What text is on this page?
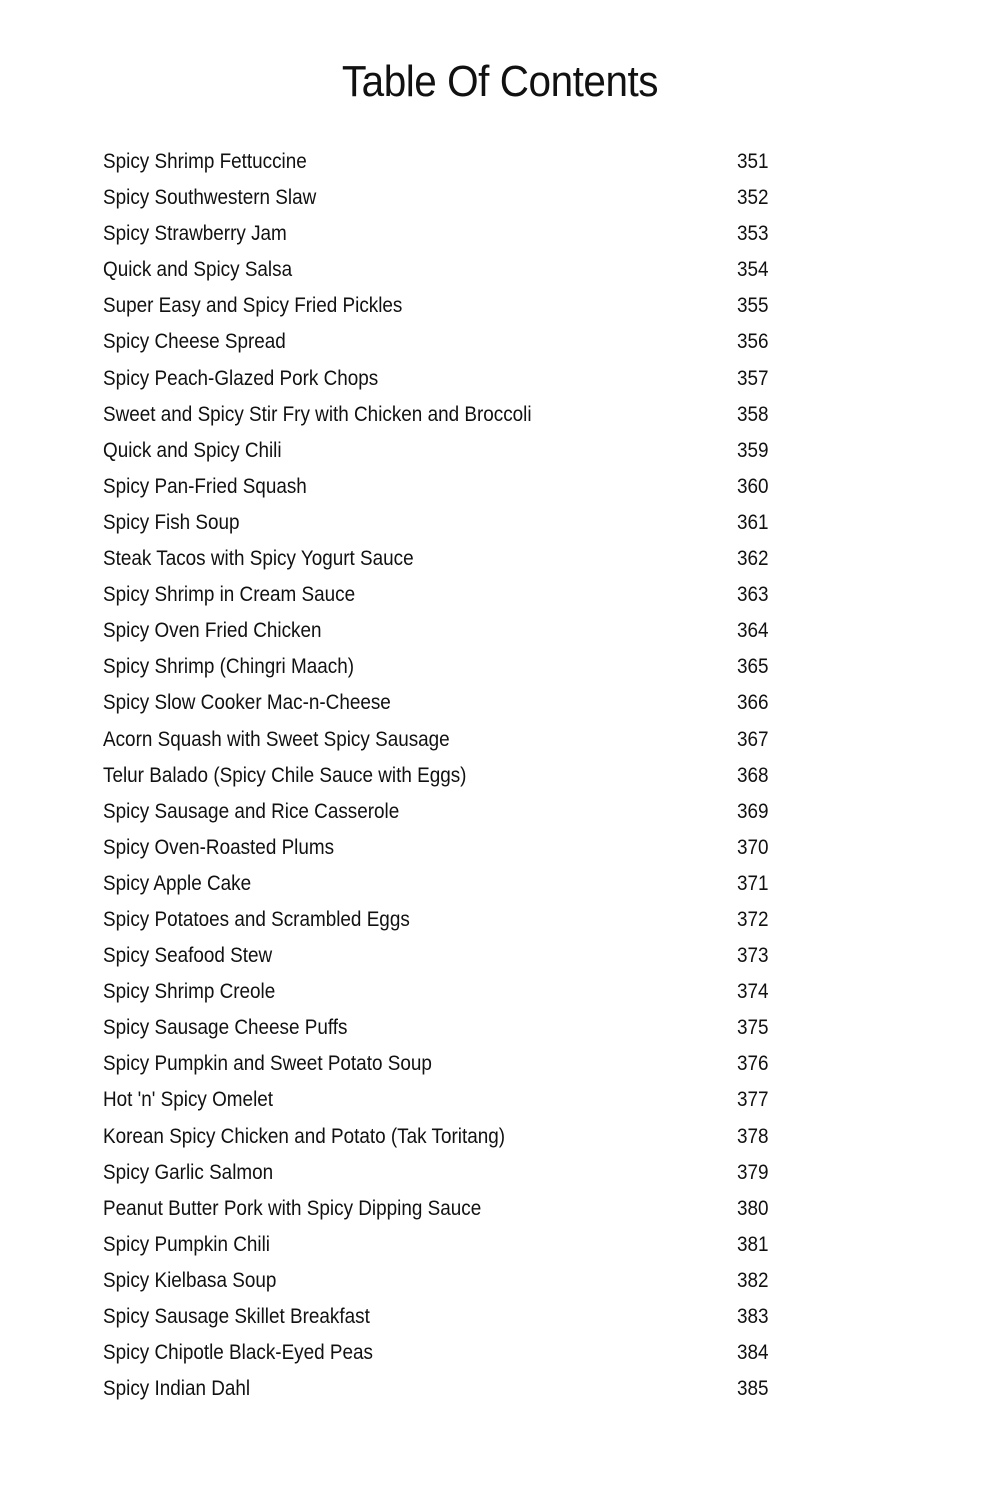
Table Of Contents
Spicy Shrimp Fettuccine	351
Spicy Southwestern Slaw	352
Spicy Strawberry Jam	353
Quick and Spicy Salsa	354
Super Easy and Spicy Fried Pickles	355
Spicy Cheese Spread	356
Spicy Peach-Glazed Pork Chops	357
Sweet and Spicy Stir Fry with Chicken and Broccoli	358
Quick and Spicy Chili	359
Spicy Pan-Fried Squash	360
Spicy Fish Soup	361
Steak Tacos with Spicy Yogurt Sauce	362
Spicy Shrimp in Cream Sauce	363
Spicy Oven Fried Chicken	364
Spicy Shrimp (Chingri Maach)	365
Spicy Slow Cooker Mac-n-Cheese	366
Acorn Squash with Sweet Spicy Sausage	367
Telur Balado (Spicy Chile Sauce with Eggs)	368
Spicy Sausage and Rice Casserole	369
Spicy Oven-Roasted Plums	370
Spicy Apple Cake	371
Spicy Potatoes and Scrambled Eggs	372
Spicy Seafood Stew	373
Spicy Shrimp Creole	374
Spicy Sausage Cheese Puffs	375
Spicy Pumpkin and Sweet Potato Soup	376
Hot 'n' Spicy Omelet	377
Korean Spicy Chicken and Potato (Tak Toritang)	378
Spicy Garlic Salmon	379
Peanut Butter Pork with Spicy Dipping Sauce	380
Spicy Pumpkin Chili	381
Spicy Kielbasa Soup	382
Spicy Sausage Skillet Breakfast	383
Spicy Chipotle Black-Eyed Peas	384
Spicy Indian Dahl	385
